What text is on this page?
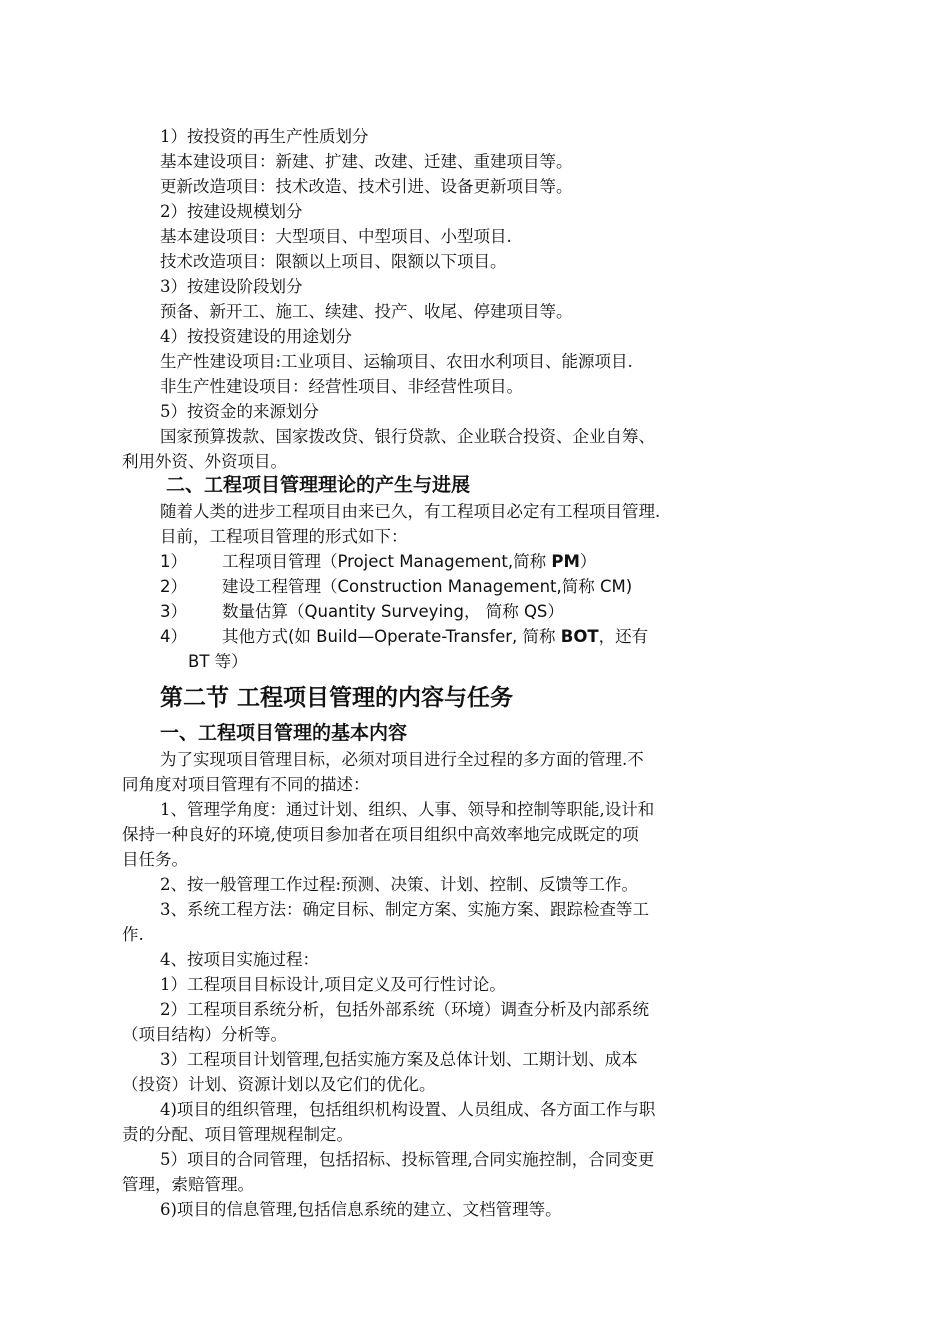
1）按投资的再生产性质划分
基本建设项目：新建、扩建、改建、迁建、重建项目等。
更新改造项目：技术改造、技术引进、设备更新项目等。
2）按建设规模划分
基本建设项目：大型项目、中型项目、小型项目.
技术改造项目：限额以上项目、限额以下项目。
3）按建设阶段划分
预备、新开工、施工、续建、投产、收尾、停建项目等。
4）按投资建设的用途划分
生产性建设项目:工业项目、运输项目、农田水利项目、能源项目.
非生产性建设项目：经营性项目、非经营性项目。
5）按资金的来源划分
国家预算拨款、国家拨改贷、银行贷款、企业联合投资、企业自筹、
利用外资、外资项目。
二、工程项目管理理论的产生与进展
随着人类的进步工程项目由来已久，有工程项目必定有工程项目管理.
目前，工程项目管理的形式如下：
1） 工程项目管理（Project Management,简称 PM）
2） 建设工程管理（Construction Management,简称 CM)
3） 数量估算（Quantity Surveying， 简称 QS）
4） 其他方式(如 Build—Operate-Transfer, 简称 BOT，还有
BT 等）
第二节 工程项目管理的内容与任务
一、工程项目管理的基本内容
为了实现项目管理目标，必须对项目进行全过程的多方面的管理.不
同角度对项目管理有不同的描述：
1、管理学角度：通过计划、组织、人事、领导和控制等职能,设计和
保持一种良好的环境,使项目参加者在项目组织中高效率地完成既定的项
目任务。
2、按一般管理工作过程:预测、决策、计划、控制、反馈等工作。
3、系统工程方法：确定目标、制定方案、实施方案、跟踪检查等工
作.
4、按项目实施过程：
1）工程项目目标设计,项目定义及可行性讨论。
2）工程项目系统分析，包括外部系统（环境）调查分析及内部系统
（项目结构）分析等。
3）工程项目计划管理,包括实施方案及总体计划、工期计划、成本
（投资）计划、资源计划以及它们的优化。
4)项目的组织管理，包括组织机构设置、人员组成、各方面工作与职
责的分配、项目管理规程制定。
5）项目的合同管理，包括招标、投标管理,合同实施控制，合同变更
管理，索赔管理。
6)项目的信息管理,包括信息系统的建立、文档管理等。
